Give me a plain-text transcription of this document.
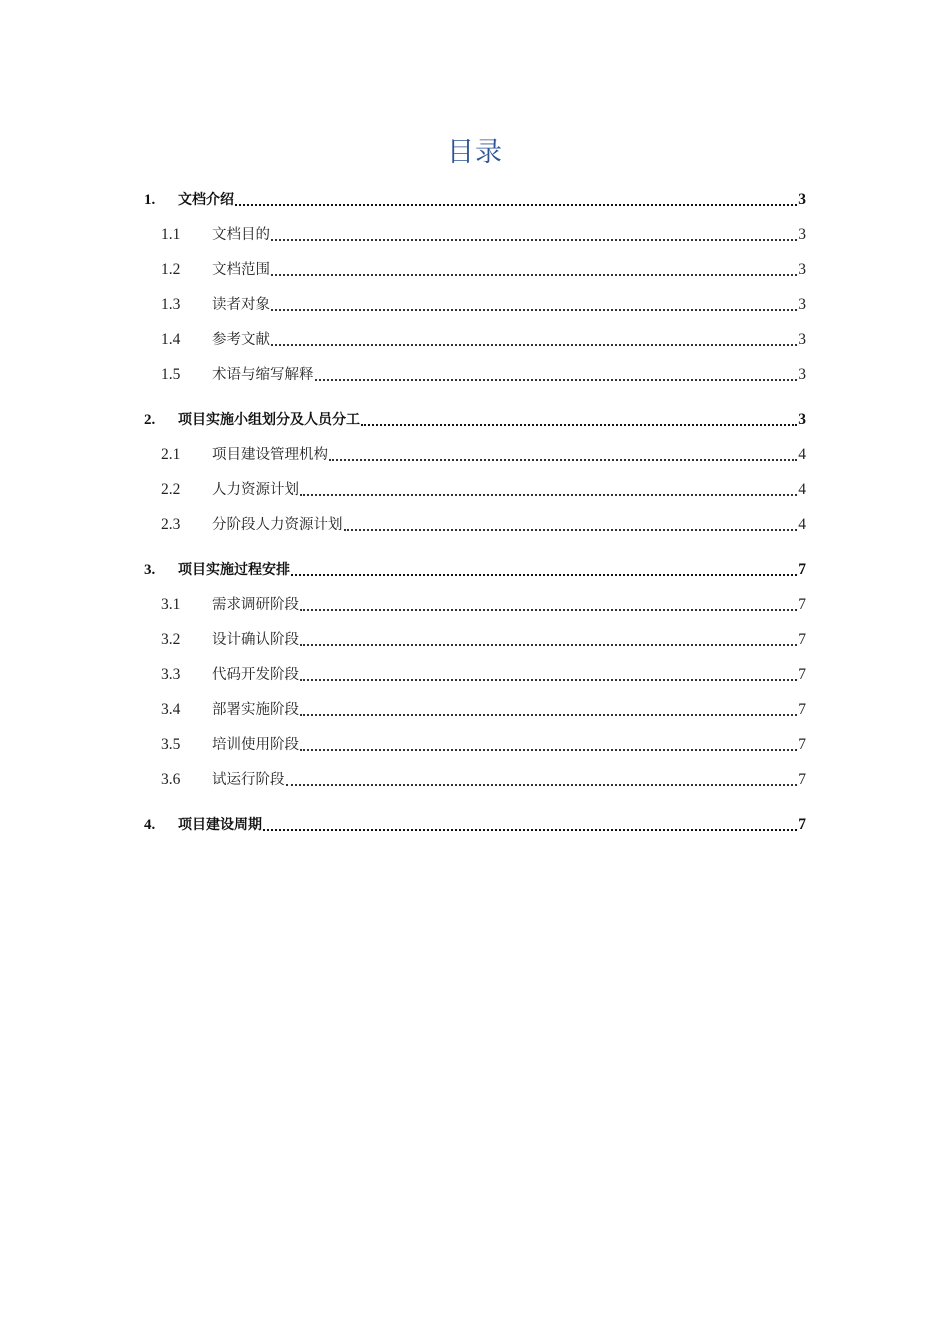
目录
1.	文档介绍	3
1.1	文档目的	3
1.2	文档范围	3
1.3	读者对象	3
1.4	参考文献	3
1.5	术语与缩写解释	3
2.	项目实施小组划分及人员分工	3
2.1	项目建设管理机构	4
2.2	人力资源计划	4
2.3	分阶段人力资源计划	4
3.	项目实施过程安排	7
3.1	需求调研阶段	7
3.2	设计确认阶段	7
3.3	代码开发阶段	7
3.4	部署实施阶段	7
3.5	培训使用阶段	7
3.6	试运行阶段	7
4.	项目建设周期	7
